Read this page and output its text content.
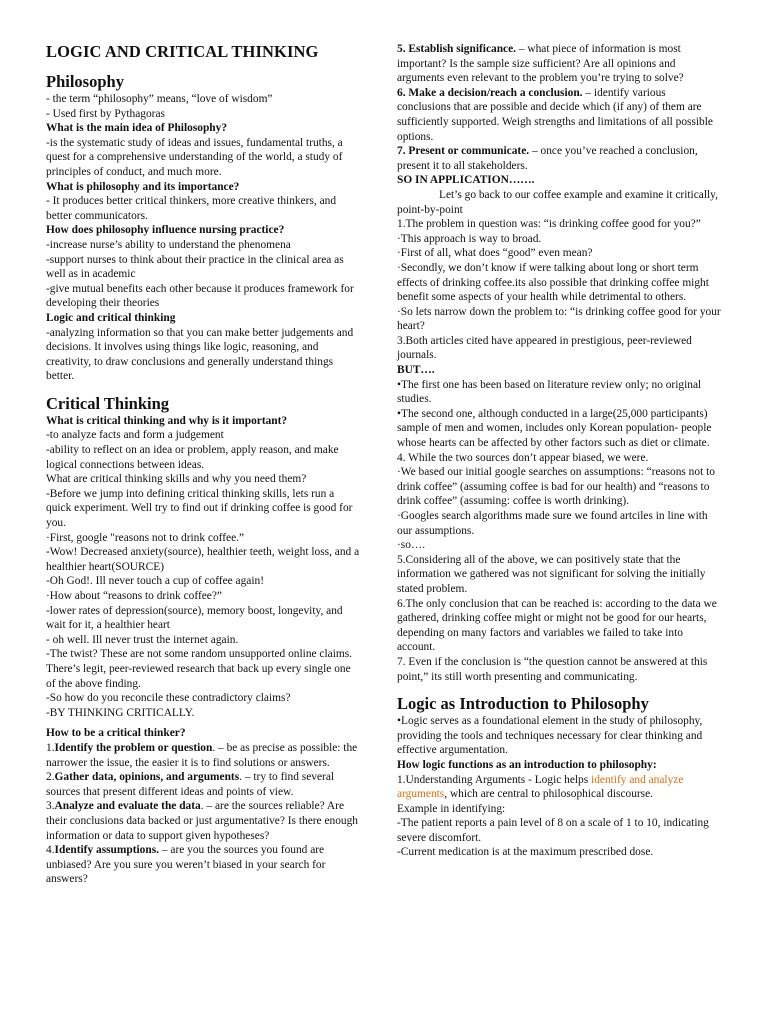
LOGIC AND CRITICAL THINKING
Philosophy

- the term “philosophy” means, “love of wisdom”

- Used first by Pythagoras

What is the main idea of Philosophy?

-is the systematic study of ideas and issues, fundamental truths, a quest for a comprehensive understanding of the world, a study of principles of conduct, and much more.

What is philosophy and its importance?

- It produces better critical thinkers, more creative thinkers, and better communicators.

How does philosophy influence nursing practice?

-increase nurse’s ability to understand the phenomena

-support nurses to think about their practice in the clinical area as well as in academic

-give mutual benefits each other because it produces framework for developing their theories

Logic and critical thinking

-analyzing information so that you can make better judgements and decisions. It involves using things like logic, reasoning, and creativity, to draw conclusions and generally understand things better.

Critical Thinking

What is critical thinking and why is it important?

-to analyze facts and form a judgement

-ability to reflect on an idea or problem, apply reason, and make logical connections between ideas.

What are critical thinking skills and why you need them?

-Before we jump into defining critical thinking skills, lets run a quick experiment. Well try to find out if drinking coffee is good for you.

·First, google "reasons not to drink coffee.”

-Wow! Decreased anxiety(source), healthier teeth, weight loss, and a healthier heart(SOURCE)

-Oh God!. Ill never touch a cup of coffee again!

·How about “reasons to drink coffee?”

-lower rates of depression(source), memory boost, longevity, and wait for it, a healthier heart

- oh well. Ill never trust the internet again.

-The twist? These are not some random unsupported online claims. There’s legit, peer-reviewed research that back up every single one of the above finding.

-So how do you reconcile these contradictory claims?

-BY THINKING CRITICALLY.

How to be a critical thinker?

1.Identify the problem or question. – be as precise as possible: the narrower the issue, the easier it is to find solutions or answers.

2.Gather data, opinions, and arguments. – try to find several sources that present different ideas and points of view.

3.Analyze and evaluate the data. – are the sources reliable? Are their conclusions data backed or just argumentative? Is there enough information or data to support given hypotheses?

4.Identify assumptions. – are you the sources you found are unbiased? Are you sure you weren’t biased in your search for answers?

5. Establish significance. – what piece of information is most important? Is the sample size sufficient? Are all opinions and arguments even relevant to the problem you’re trying to solve?

6. Make a decision/reach a conclusion. – identify various conclusions that are possible and decide which (if any) of them are sufficiently supported. Weigh strengths and limitations of all possible options.

7. Present or communicate. – once you’ve reached a conclusion, present it to all stakeholders.

SO IN APPLICATION…….

Let’s go back to our coffee example and examine it critically, point-by-point

1.The problem in question was: “is drinking coffee good for you?”

·This approach is way to broad.

·First of all, what does “good” even mean?

·Secondly, we don’t know if were talking about long or short term effects of drinking coffee.its also possible that drinking coffee might benefit some aspects of your health while detrimental to others.

·So lets narrow down the problem to: “is drinking coffee good for your heart?

3.Both articles cited have appeared in prestigious, peer-reviewed journals.

BUT….

•The first one has been based on literature review only; no original studies.

•The second one, although conducted in a large(25,000 participants) sample of men and women, includes only Korean population- people whose hearts can be affected by other factors such as diet or climate.

4. While the two sources don’t appear biased, we were.

·We based our initial google searches on assumptions: “reasons not to drink coffee” (assuming coffee is bad for our health) and “reasons to drink coffee” (assuming: coffee is worth drinking).

·Googles search algorithms made sure we found artciles in line with our assumptions.

·so….

5.Considering all of the above, we can positively state that the information we gathered was not significant for solving the initially stated problem.

6.The only conclusion that can be reached is: according to the data we gathered, drinking coffee might or might not be good for our hearts, depending on many factors and variables we failed to take into account.

7. Even if the conclusion is “the question cannot be answered at this point,” its still worth presenting and communicating.

Logic as Introduction to Philosophy

•Logic serves as a foundational element in the study of philosophy, providing the tools and techniques necessary for clear thinking and effective argumentation.

How logic functions as an introduction to philosophy:

1.Understanding Arguments - Logic helps identify and analyze arguments, which are central to philosophical discourse.

Example in identifying:

-The patient reports a pain level of 8 on a scale of 1 to 10, indicating severe discomfort.

-Current medication is at the maximum prescribed dose.
